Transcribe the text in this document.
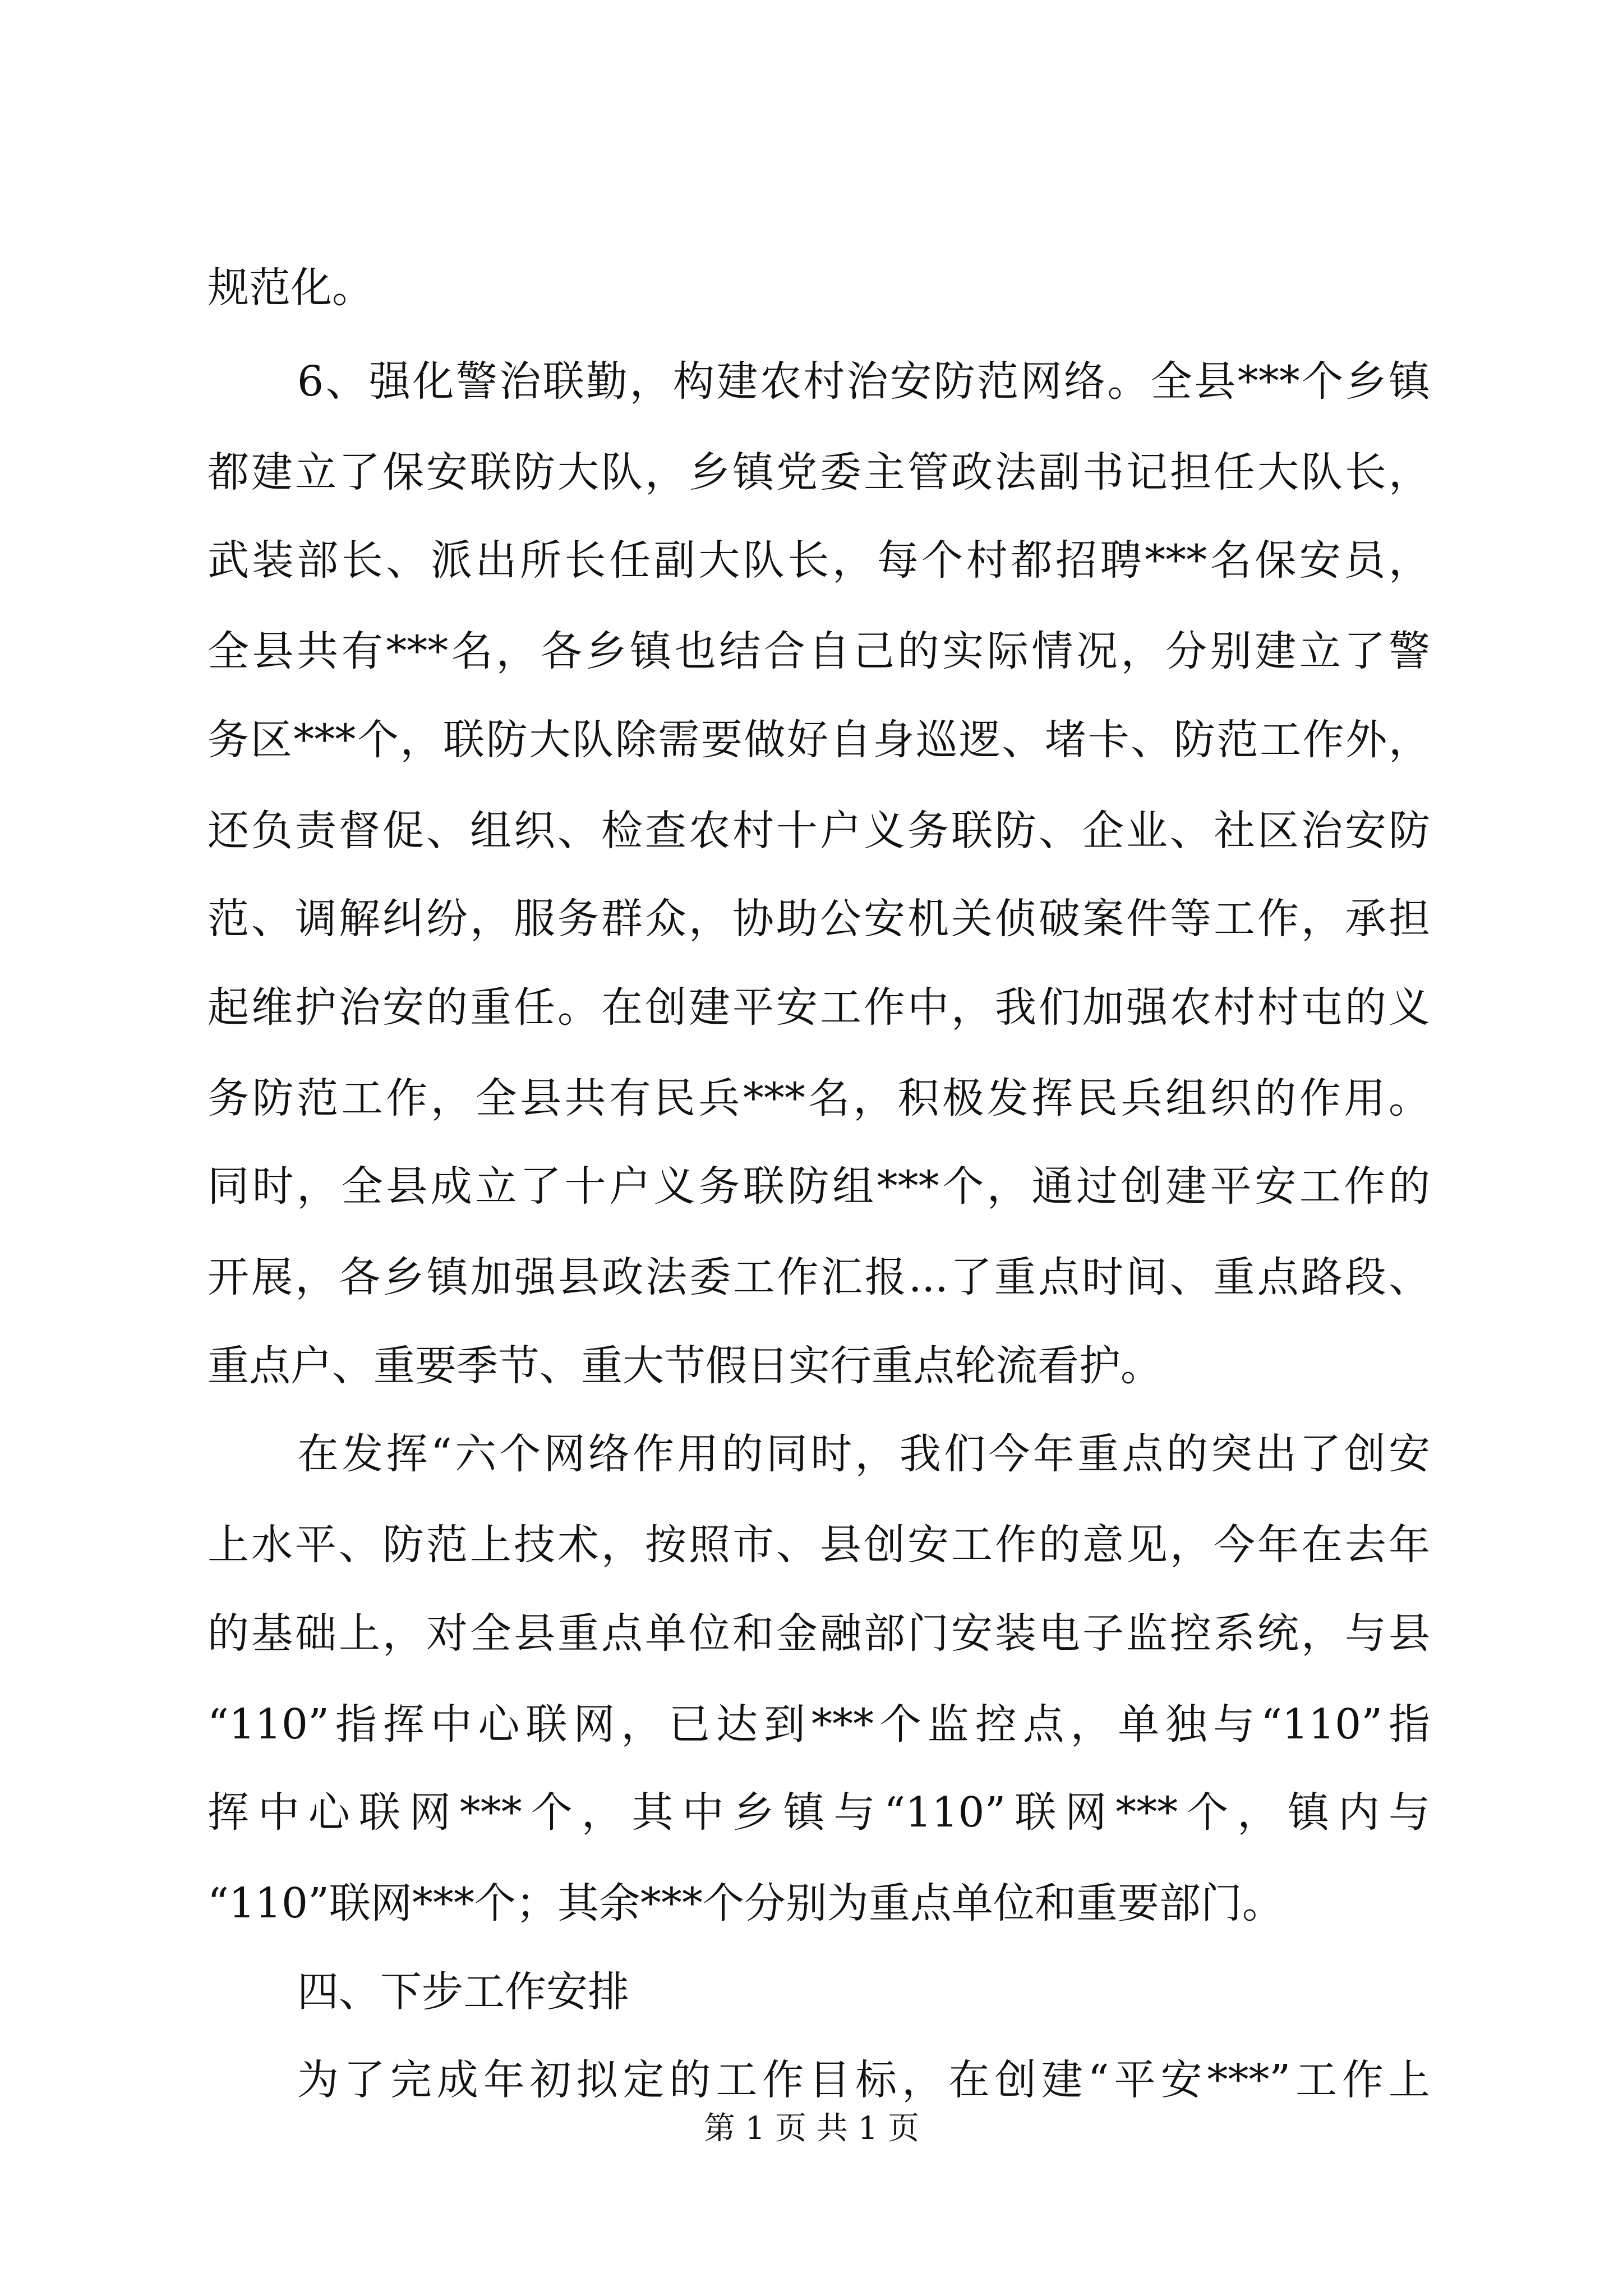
规范化。
6、强化警治联勤，构建农村治安防范网络。全县***个乡镇
都建立了保安联防大队，乡镇党委主管政法副书记担任大队长，
武装部长、派出所长任副大队长，每个村都招聘***名保安员，
全县共有***名，各乡镇也结合自己的实际情况，分别建立了警
务区***个，联防大队除需要做好自身巡逻、堵卡、防范工作外，
还负责督促、组织、检查农村十户义务联防、企业、社区治安防
范、调解纠纷，服务群众，协助公安机关侦破案件等工作，承担
起维护治安的重任。在创建平安工作中，我们加强农村村屯的义
务防范工作，全县共有民兵***名，积极发挥民兵组织的作用。
同时，全县成立了十户义务联防组***个，通过创建平安工作的
开展，各乡镇加强县政法委工作汇报...了重点时间、重点路段、
重点户、重要季节、重大节假日实行重点轮流看护。
在发挥“六个网络作用的同时，我们今年重点的突出了创安
上水平、防范上技术，按照市、县创安工作的意见，今年在去年
的基础上，对全县重点单位和金融部门安装电子监控系统，与县
“110”指挥中心联网，已达到***个监控点，单独与“110”指
挥中心联网***个，其中乡镇与“110”联网***个，镇内与
“110”联网***个；其余***个分别为重点单位和重要部门。
四、下步工作安排
为了完成年初拟定的工作目标，在创建“平安***”工作上
第 1 页 共 1 页
